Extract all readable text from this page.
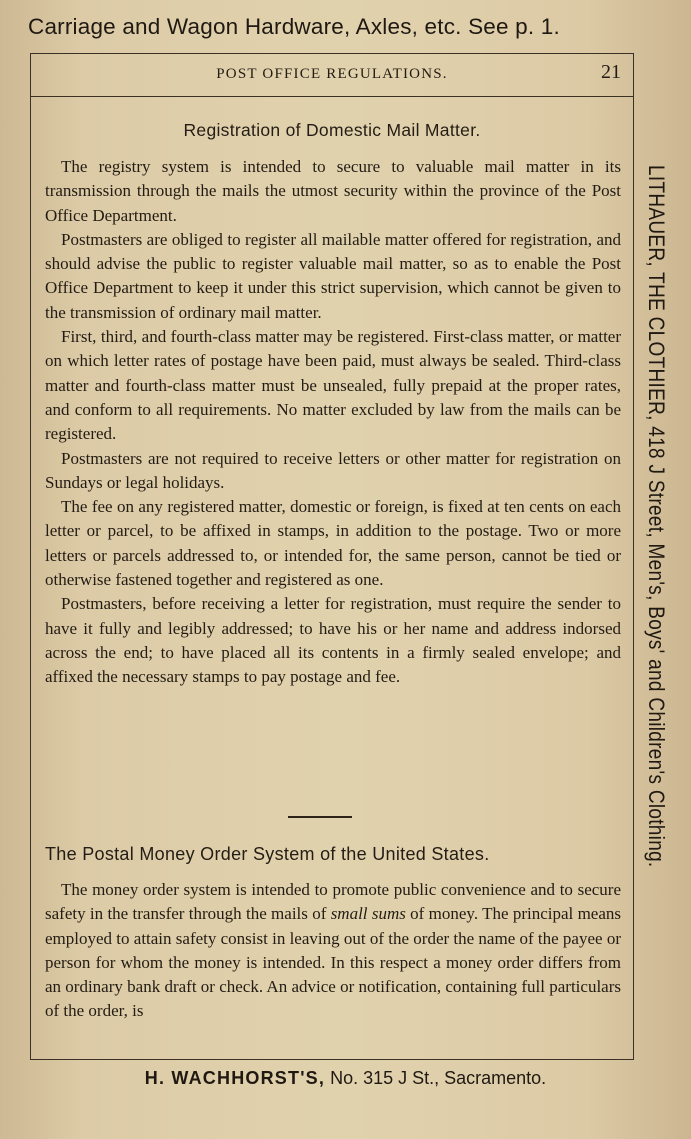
Carriage and Wagon Hardware, Axles, etc. See p. 1.
POST OFFICE REGULATIONS.	21
Registration of Domestic Mail Matter.

The registry system is intended to secure to valuable mail matter in its transmission through the mails the utmost security within the province of the Post Office Department.

Postmasters are obliged to register all mailable matter offered for registration, and should advise the public to register valuable mail matter, so as to enable the Post Office Department to keep it under this strict supervision, which cannot be given to the transmission of ordinary mail matter.

First, third, and fourth-class matter may be registered. First-class matter, or matter on which letter rates of postage have been paid, must always be sealed. Third-class matter and fourth-class matter must be unsealed, fully prepaid at the proper rates, and conform to all requirements. No matter excluded by law from the mails can be registered.

Postmasters are not required to receive letters or other matter for registration on Sundays or legal holidays.

The fee on any registered matter, domestic or foreign, is fixed at ten cents on each letter or parcel, to be affixed in stamps, in addition to the postage. Two or more letters or parcels addressed to, or intended for, the same person, cannot be tied or otherwise fastened together and registered as one.

Postmasters, before receiving a letter for registration, must require the sender to have it fully and legibly addressed; to have his or her name and address indorsed across the end; to have placed all its contents in a firmly sealed envelope; and affixed the necessary stamps to pay postage and fee.

The Postal Money Order System of the United States.

The money order system is intended to promote public convenience and to secure safety in the transfer through the mails of small sums of money. The principal means employed to attain safety consist in leaving out of the order the name of the payee or person for whom the money is intended. In this respect a money order differs from an ordinary bank draft or check. An advice or notification, containing full particulars of the order, is

LITHAUER, THE CLOTHIER, 418 J Street, Men's, Boys' and Children's Clothing.
H. WACHHORST'S, No. 315 J St., Sacramento.
